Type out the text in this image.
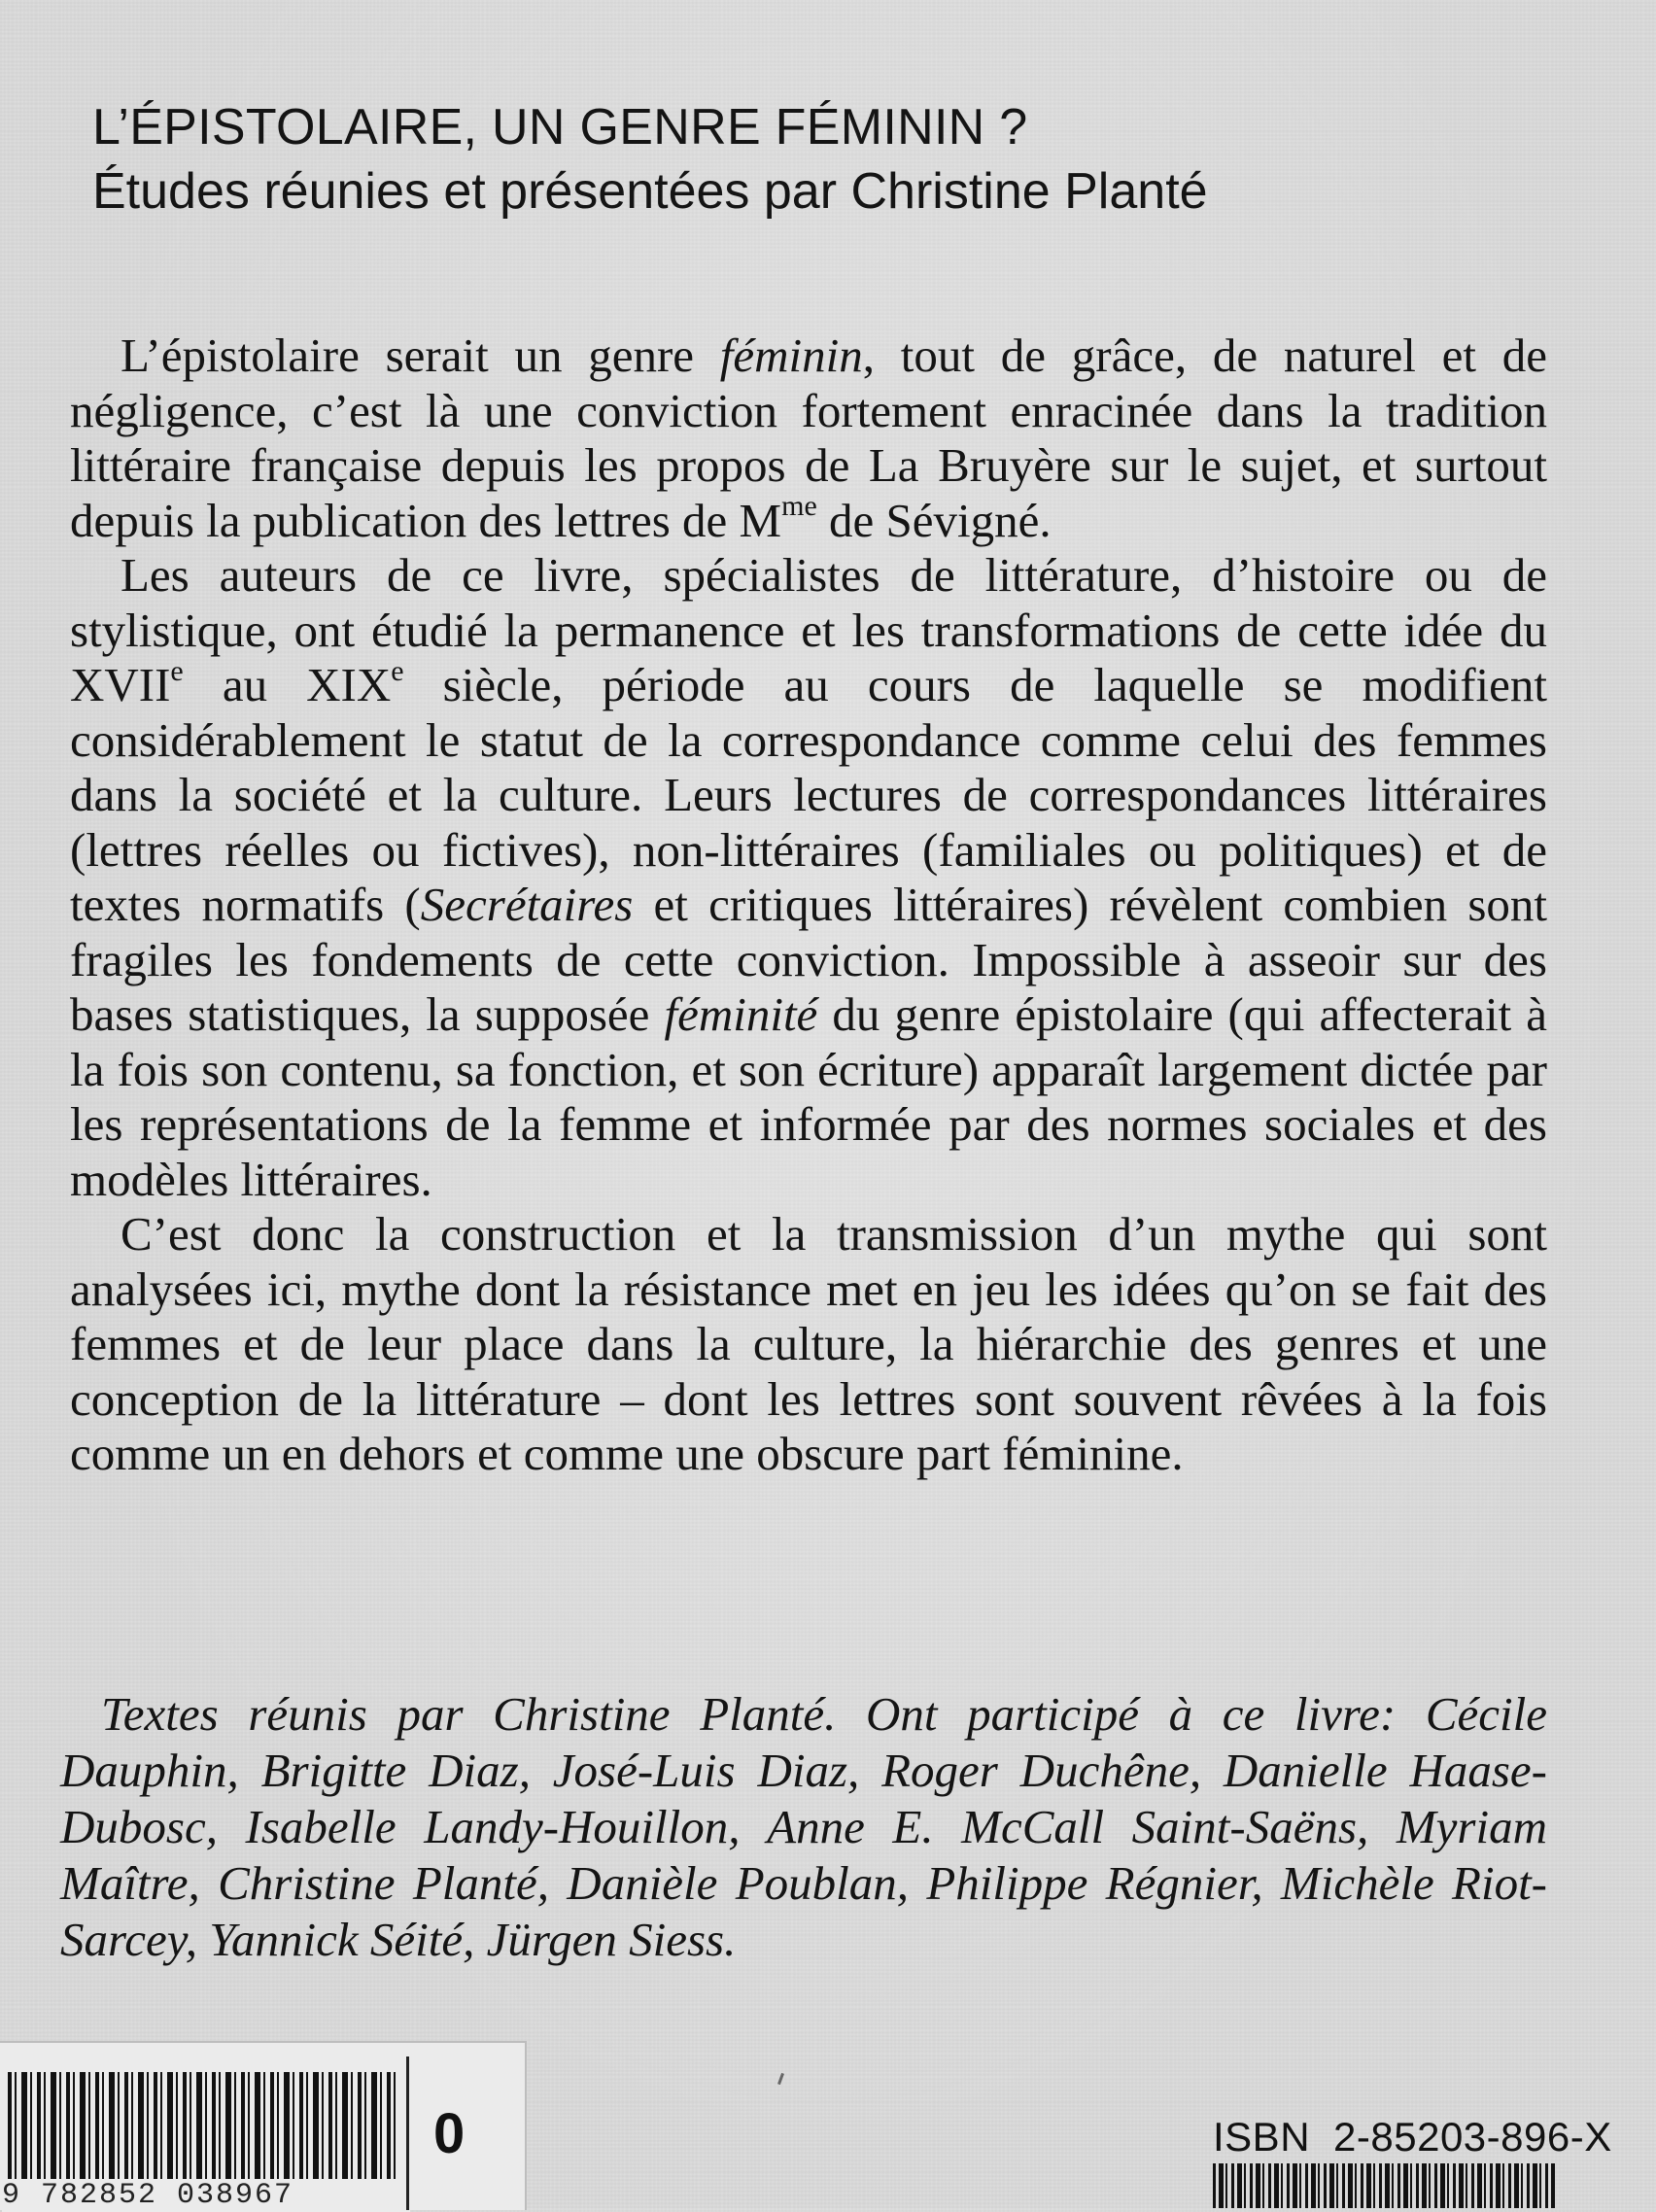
L’ÉPISTOLAIRE, UN GENRE FÉMININ ?
Études réunies et présentées par Christine Planté

L’épistolaire serait un genre féminin, tout de grâce, de naturel et de négligence, c’est là une conviction fortement enracinée dans la tradition littéraire française depuis les propos de La Bruyère sur le sujet, et surtout depuis la publication des lettres de $M^{me}$ de Sévigné.

Les auteurs de ce livre, spécialistes de littérature, d’histoire ou de stylistique, ont étudié la permanence et les transformations de cette idée du XVIIe au XIXe siècle, période au cours de laquelle se modifient considérablement le statut de la correspondance comme celui des femmes dans la société et la culture. Leurs lectures de correspondances littéraires (lettres réelles ou fictives), non-littéraires (familiales ou politiques) et de textes normatifs (Secrétaires et critiques littéraires) révèlent combien sont fragiles les fondements de cette conviction. Impossible à asseoir sur des bases statistiques, la supposée féminité du genre épistolaire (qui affecterait à la fois son contenu, sa fonction, et son écriture) apparaît largement dictée par les représentations de la femme et informée par des normes sociales et des modèles littéraires.

C’est donc la construction et la transmission d’un mythe qui sont analysées ici, mythe dont la résistance met en jeu les idées qu’on se fait des femmes et de leur place dans la culture, la hiérarchie des genres et une conception de la littérature – dont les lettres sont souvent rêvées à la fois comme un en dehors et comme une obscure part féminine.

Textes réunis par Christine Planté. Ont participé à ce livre: Cécile Dauphin, Brigitte Diaz, José-Luis Diaz, Roger Duchêne, Danielle Haase-Dubosc, Isabelle Landy-Houillon, Anne E. McCall Saint-Saëns, Myriam Maître, Christine Planté, Danièle Poublan, Philippe Régnier, Michèle Riot-Sarcey, Yannick Séité, Jürgen Siess.
9 782852 038967
0	ISBN 2-85203-896-X
